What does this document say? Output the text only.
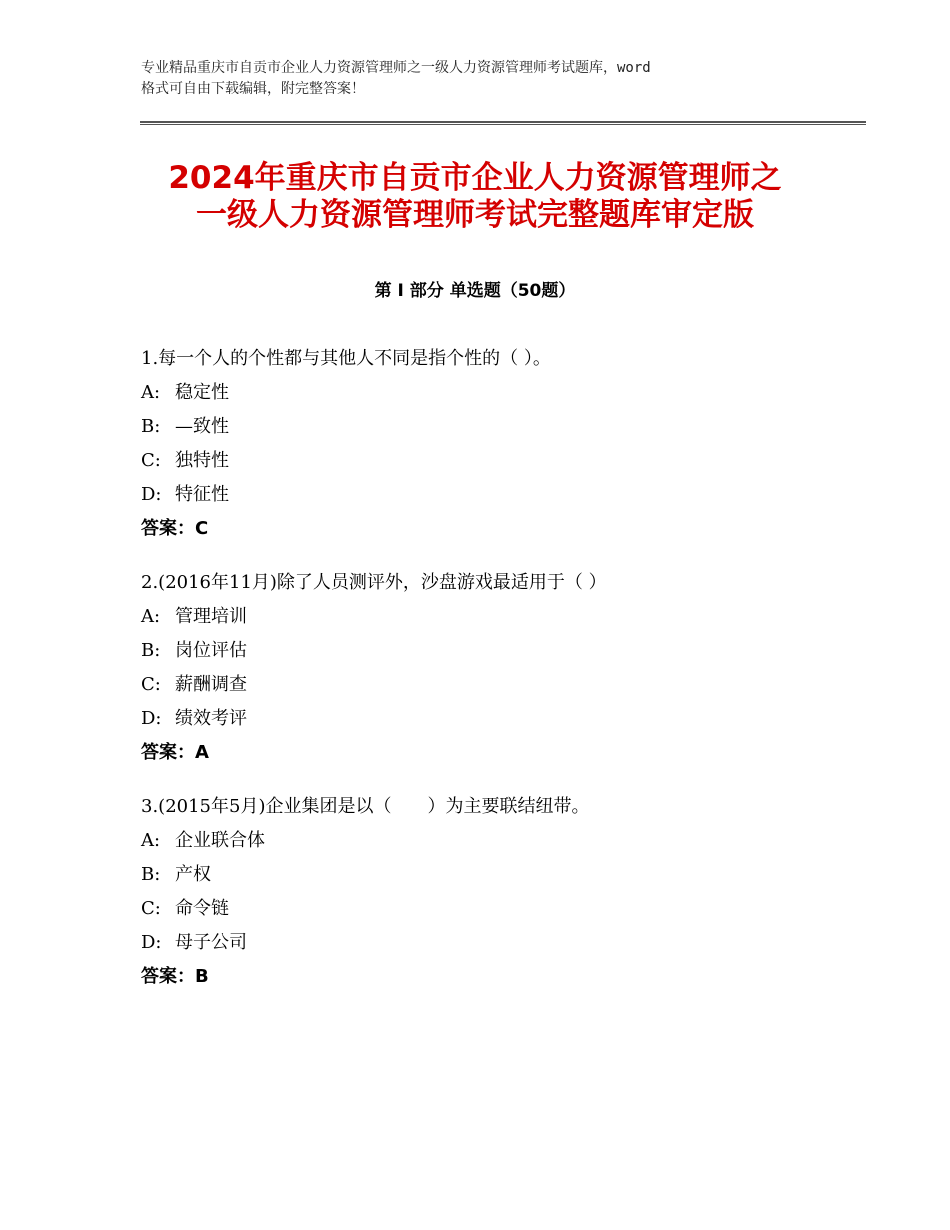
专业精品重庆市自贡市企业人力资源管理师之一级人力资源管理师考试题库，word
格式可自由下载编辑，附完整答案！
2024年重庆市自贡市企业人力资源管理师之
一级人力资源管理师考试完整题库审定版
第 I 部分 单选题（50题）

1.每一个人的个性都与其他人不同是指个性的（ ）。

A: 稳定性

B: —致性

C: 独特性

D: 特征性

答案：C

2.(2016年11月)除了人员测评外，沙盘游戏最适用于（ ）

A: 管理培训

B: 岗位评估

C: 薪酬调查

D: 绩效考评

答案：A

3.(2015年5月)企业集团是以（　　）为主要联结纽带。

A: 企业联合体

B: 产权

C: 命令链

D: 母子公司

答案：B
